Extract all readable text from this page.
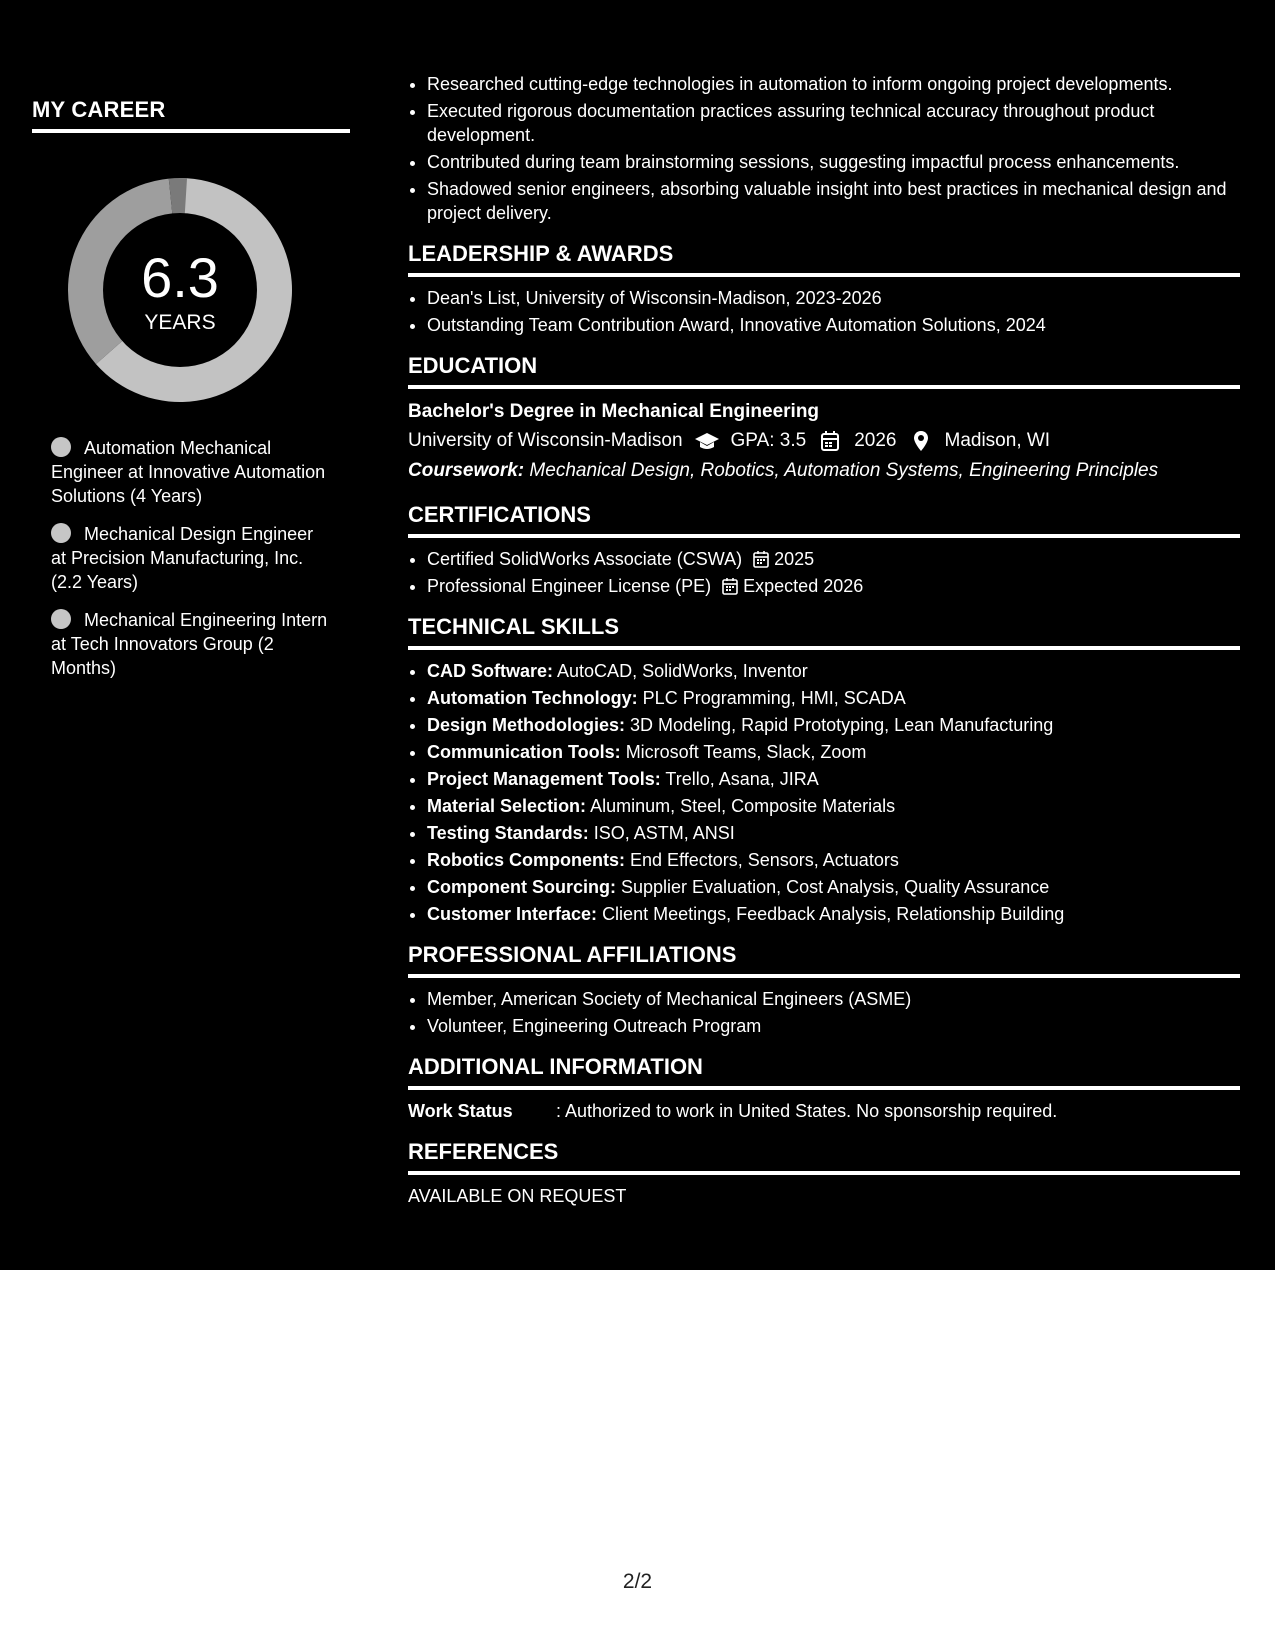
MY CAREER
6.3
YEARS
Automation Mechanical Engineer at Innovative Automation Solutions (4 Years)
Mechanical Design Engineer at Precision Manufacturing, Inc. (2.2 Years)
Mechanical Engineering Intern at Tech Innovators Group (2 Months)
• Researched cutting-edge technologies in automation to inform ongoing project developments.
• Executed rigorous documentation practices assuring technical accuracy throughout product development.
• Contributed during team brainstorming sessions, suggesting impactful process enhancements.
• Shadowed senior engineers, absorbing valuable insight into best practices in mechanical design and project delivery.
LEADERSHIP & AWARDS
• Dean's List, University of Wisconsin-Madison, 2023-2026
• Outstanding Team Contribution Award, Innovative Automation Solutions, 2024
EDUCATION
Bachelor's Degree in Mechanical Engineering
University of Wisconsin-Madison	GPA: 3.5	2026	Madison, WI
Coursework: Mechanical Design, Robotics, Automation Systems, Engineering Principles
CERTIFICATIONS
• Certified SolidWorks Associate (CSWA) 2025
• Professional Engineer License (PE) Expected 2026
TECHNICAL SKILLS
• CAD Software: AutoCAD, SolidWorks, Inventor
• Automation Technology: PLC Programming, HMI, SCADA
• Design Methodologies: 3D Modeling, Rapid Prototyping, Lean Manufacturing
• Communication Tools: Microsoft Teams, Slack, Zoom
• Project Management Tools: Trello, Asana, JIRA
• Material Selection: Aluminum, Steel, Composite Materials
• Testing Standards: ISO, ASTM, ANSI
• Robotics Components: End Effectors, Sensors, Actuators
• Component Sourcing: Supplier Evaluation, Cost Analysis, Quality Assurance
• Customer Interface: Client Meetings, Feedback Analysis, Relationship Building
PROFESSIONAL AFFILIATIONS
• Member, American Society of Mechanical Engineers (ASME)
• Volunteer, Engineering Outreach Program
ADDITIONAL INFORMATION
Work Status	: Authorized to work in United States. No sponsorship required.
REFERENCES
AVAILABLE ON REQUEST
2/2
